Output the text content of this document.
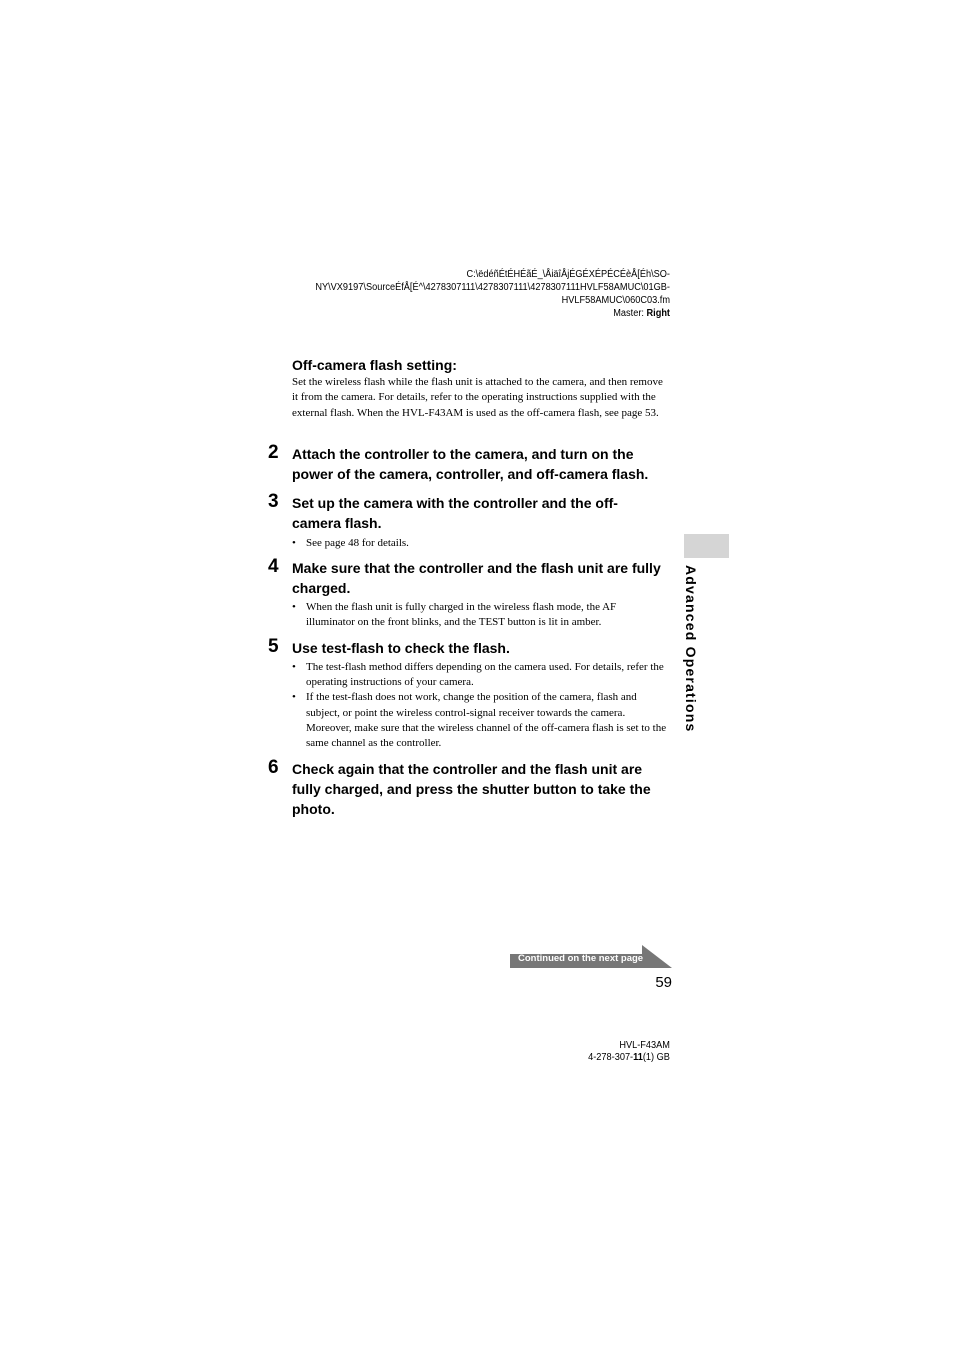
C:\ëdéñÉtÉHÉãÉ_\ÅiäîÅjÉGÉXÉPÉCÉèÅ[Éh\SO-
NY\VX9197\SourceÉfÅ[É^\4278307111\4278307111\4278307111HVLF58AMUC\01GB-
HVLF58AMUC\060C03.fm
Master: Right
Off-camera flash setting:
Set the wireless flash while the flash unit is attached to the camera, and then remove it from the camera. For details, refer to the operating instructions supplied with the external flash. When the HVL-F43AM is used as the off-camera flash, see page 53.
2 Attach the controller to the camera, and turn on the power of the camera, controller, and off-camera flash.
3 Set up the camera with the controller and the off-camera flash.
• See page 48 for details.
4 Make sure that the controller and the flash unit are fully charged.
• When the flash unit is fully charged in the wireless flash mode, the AF illuminator on the front blinks, and the TEST button is lit in amber.
5 Use test-flash to check the flash.
• The test-flash method differs depending on the camera used. For details, refer the operating instructions of your camera.
• If the test-flash does not work, change the position of the camera, flash and subject, or point the wireless control-signal receiver towards the camera. Moreover, make sure that the wireless channel of the off-camera flash is set to the same channel as the controller.
6 Check again that the controller and the flash unit are fully charged, and press the shutter button to take the photo.
Advanced Operations
Continued on the next page
59
HVL-F43AM
4-278-307-11(1) GB
